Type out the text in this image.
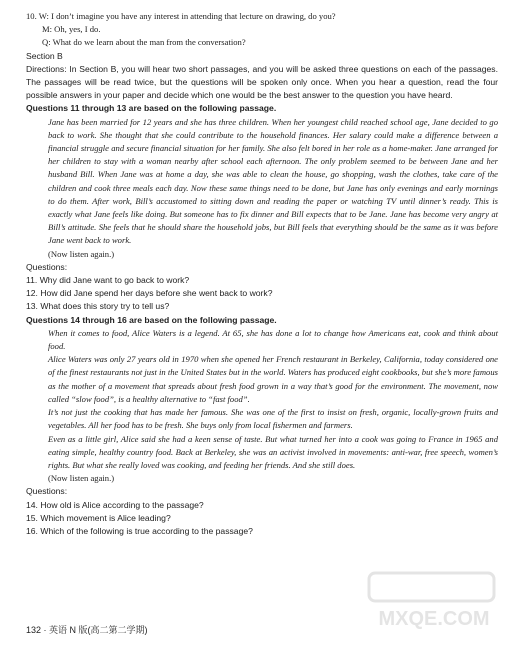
10. W: I don’t imagine you have any interest in attending that lecture on drawing, do you?
M: Oh, yes, I do.
Q: What do we learn about the man from the conversation?
Section B
Directions: In Section B, you will hear two short passages, and you will be asked three questions on each of the passages. The passages will be read twice, but the questions will be spoken only once. When you hear a question, read the four possible answers in your paper and decide which one would be the best answer to the question you have heard.
Questions 11 through 13 are based on the following passage.
Jane has been married for 12 years and she has three children. When her youngest child reached school age, Jane decided to go back to work. She thought that she could contribute to the household finances. Her salary could make a difference between a financial struggle and secure financial situation for her family. She also felt bored in her role as a home-maker. Jane arranged for her children to stay with a woman nearby after school each afternoon. The only problem seemed to be between Jane and her husband Bill. When Jane was at home a day, she was able to clean the house, go shopping, wash the clothes, take care of the children and cook three meals each day. Now these same things need to be done, but Jane has only evenings and early mornings to do them. After work, Bill’s accustomed to sitting down and reading the paper or watching TV until dinner’s ready. This is exactly what Jane feels like doing. But someone has to fix dinner and Bill expects that to be Jane. Jane has become very angry at Bill’s attitude. She feels that he should share the household jobs, but Bill feels that everything should be the same as it was before Jane went back to work.
(Now listen again.)
Questions:
11. Why did Jane want to go back to work?
12. How did Jane spend her days before she went back to work?
13. What does this story try to tell us?
Questions 14 through 16 are based on the following passage.
When it comes to food, Alice Waters is a legend. At 65, she has done a lot to change how Americans eat, cook and think about food.
Alice Waters was only 27 years old in 1970 when she opened her French restaurant in Berkeley, California, today considered one of the finest restaurants not just in the United States but in the world. Waters has produced eight cookbooks, but she’s more famous as the mother of a movement that spreads about fresh food grown in a way that’s good for the environment. The movement, now called “slow food”, is a healthy alternative to “fast food”.
It’s not just the cooking that has made her famous. She was one of the first to insist on fresh, organic, locally-grown fruits and vegetables. All her food has to be fresh. She buys only from local fishermen and farmers.
Even as a little girl, Alice said she had a keen sense of taste. But what turned her into a cook was going to France in 1965 and eating simple, healthy country food. Back at Berkeley, she was an activist involved in movements: anti-war, free speech, women’s rights. But what she really loved was cooking, and feeding her friends. And she still does.
(Now listen again.)
Questions:
14. How old is Alice according to the passage?
15. Which movement is Alice leading?
16. Which of the following is true according to the passage?
132 · 英语 N 版(高二第二学期)	MXQE.COM
